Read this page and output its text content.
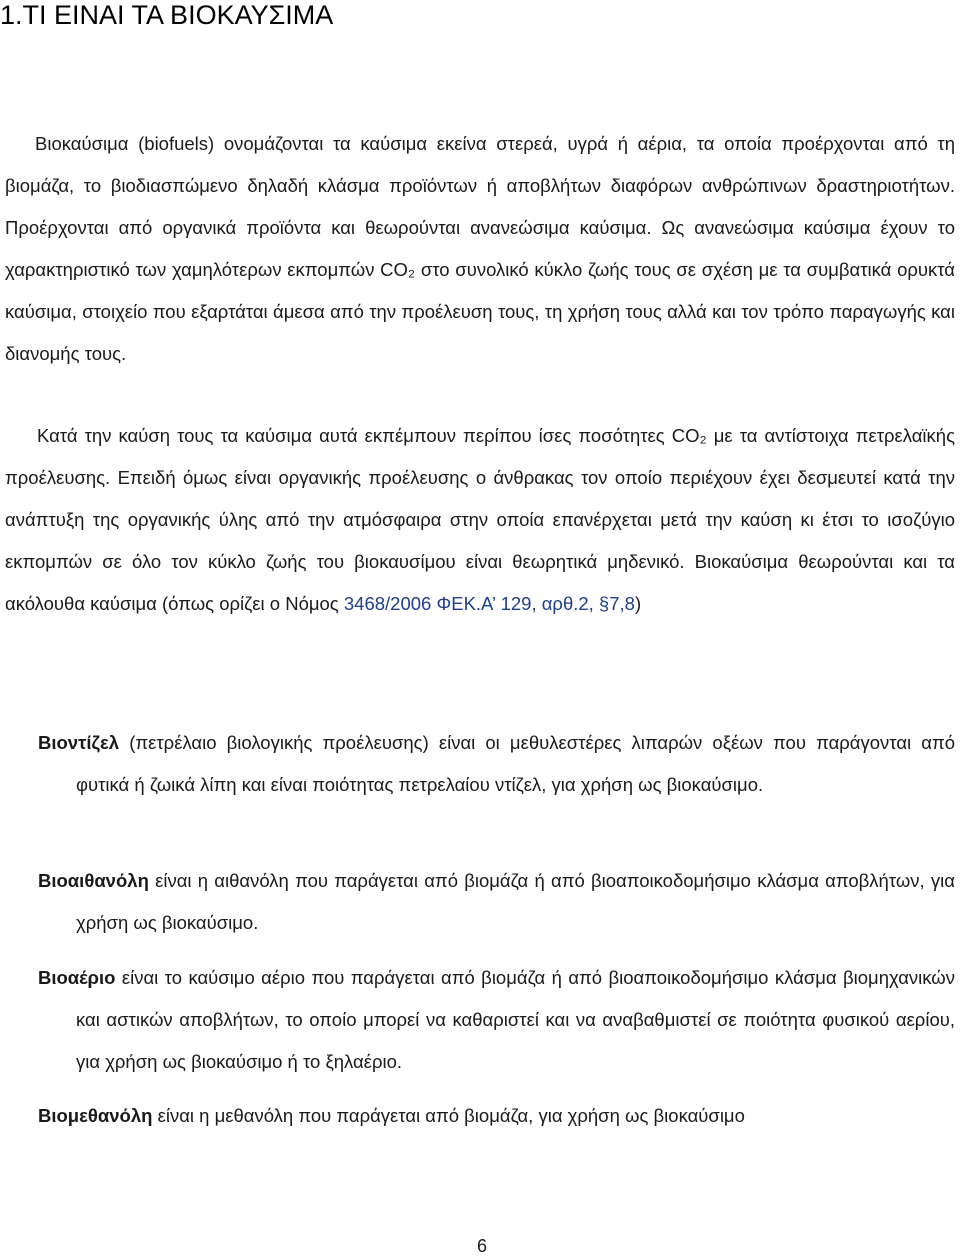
1.ΤΙ ΕΙΝΑΙ ΤΑ ΒΙΟΚΑΥΣΙΜΑ
Βιοκαύσιμα (biofuels) ονομάζονται τα καύσιμα εκείνα στερεά, υγρά ή αέρια, τα οποία προέρχονται από τη βιομάζα, το βιοδιασπώμενο δηλαδή κλάσμα προϊόντων ή αποβλήτων διαφόρων ανθρώπινων δραστηριοτήτων. Προέρχονται από οργανικά προϊόντα και θεωρούνται ανανεώσιμα καύσιμα. Ως ανανεώσιμα καύσιμα έχουν το χαρακτηριστικό των χαμηλότερων εκπομπών CO₂ στο συνολικό κύκλο ζωής τους σε σχέση με τα συμβατικά ορυκτά καύσιμα, στοιχείο που εξαρτάται άμεσα από την προέλευση τους, τη χρήση τους αλλά και τον τρόπο παραγωγής και διανομής τους.
Κατά την καύση τους τα καύσιμα αυτά εκπέμπουν περίπου ίσες ποσότητες CO₂ με τα αντίστοιχα πετρελαϊκής προέλευσης. Επειδή όμως είναι οργανικής προέλευσης ο άνθρακας τον οποίο περιέχουν έχει δεσμευτεί κατά την ανάπτυξη της οργανικής ύλης από την ατμόσφαιρα στην οποία επανέρχεται μετά την καύση κι έτσι το ισοζύγιο εκπομπών σε όλο τον κύκλο ζωής του βιοκαυσίμου είναι θεωρητικά μηδενικό. Βιοκαύσιμα θεωρούνται και τα ακόλουθα καύσιμα (όπως ορίζει ο Νόμος 3468/2006 ΦΕΚ.Α’ 129, αρθ.2, §7,8)
Βιοντίζελ (πετρέλαιο βιολογικής προέλευσης) είναι οι μεθυλεστέρες λιπαρών οξέων που παράγονται από φυτικά ή ζωικά λίπη και είναι ποιότητας πετρελαίου ντίζελ, για χρήση ως βιοκαύσιμο.
Βιοαιθανόλη είναι η αιθανόλη που παράγεται από βιομάζα ή από βιοαποικοδομήσιμο κλάσμα αποβλήτων, για χρήση ως βιοκαύσιμο.
Βιοαέριο είναι το καύσιμο αέριο που παράγεται από βιομάζα ή από βιοαποικοδομήσιμο κλάσμα βιομηχανικών και αστικών αποβλήτων, το οποίο μπορεί να καθαριστεί και να αναβαθμιστεί σε ποιότητα φυσικού αερίου, για χρήση ως βιοκαύσιμο ή το ξηλαέριο.
Βιομεθανόλη είναι η μεθανόλη που παράγεται από βιομάζα, για χρήση ως βιοκαύσιμο
6
